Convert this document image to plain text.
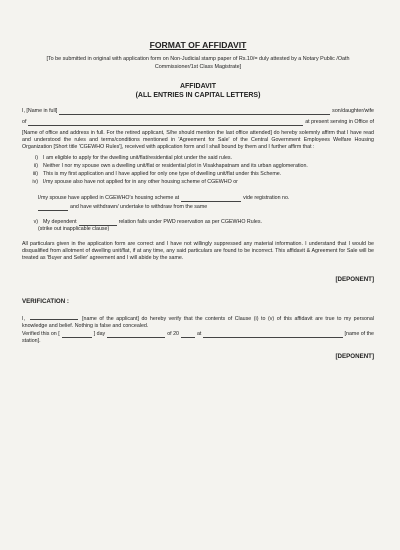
FORMAT OF AFFIDAVIT
[To be submitted in original with application form on Non-Judicial stamp paper of Rs.10/= duly attested by a Notary Public /Oath Commissioner/1st Class Magistrate]
AFFIDAVIT
(ALL ENTRIES IN CAPITAL LETTERS)
I, [Name in full]	son/daughter/wife
of	at present serving in Office of

[Name of office and address in full. For the retired applicant, S/he should mention the last office attended] do hereby solemnly affirm that I have read and understood the rules and terms/conditions mentioned in 'Agreement for Sale' of the Central Government Employees Welfare Housing Organization [Short title 'CGEWHO Rules'], received with application form and I shall bound by them and I further affirm that :

i) I am eligible to apply for the dwelling unit/flat/residential plot under the said rules.
ii) Neither I nor my spouse own a dwelling unit/flat or residential plot in Visakhapatnam and its urban agglomeration.
iii) This is my first application and I have applied for only one type of dwelling unit/flat under this Scheme.
iv) I/my spouse also have not applied for in any other housing scheme of CGEWHO or
I/my spouse have applied in CGEWHO's housing scheme at	vide registration no.
and have withdrawn/ undertake to withdraw from the same
v) My dependent	relation fails under PWD reservation as per CGEWHO Rules.
(strike out inapplicable clause)

All particulars given in the application form are correct and I have not willingly suppressed any material information. I understand that I would be disqualified from allotment of dwelling unit/flat, if at any time, any said particulars are found to be incorrect. This affidavit & Agreement for Sale will be treated as 'Buyer and Seller' agreement and I will abide by the same.

[DEPONENT]
VERIFICATION :

I,	[name of the applicant] do hereby verify that the contents of Clause (i) to (v) of this affidavit are true to my personal knowledge and belief. Nothing is false and concealed.

Verified this on [	] day	of 20	at	[name of the
station].
[DEPONENT]
